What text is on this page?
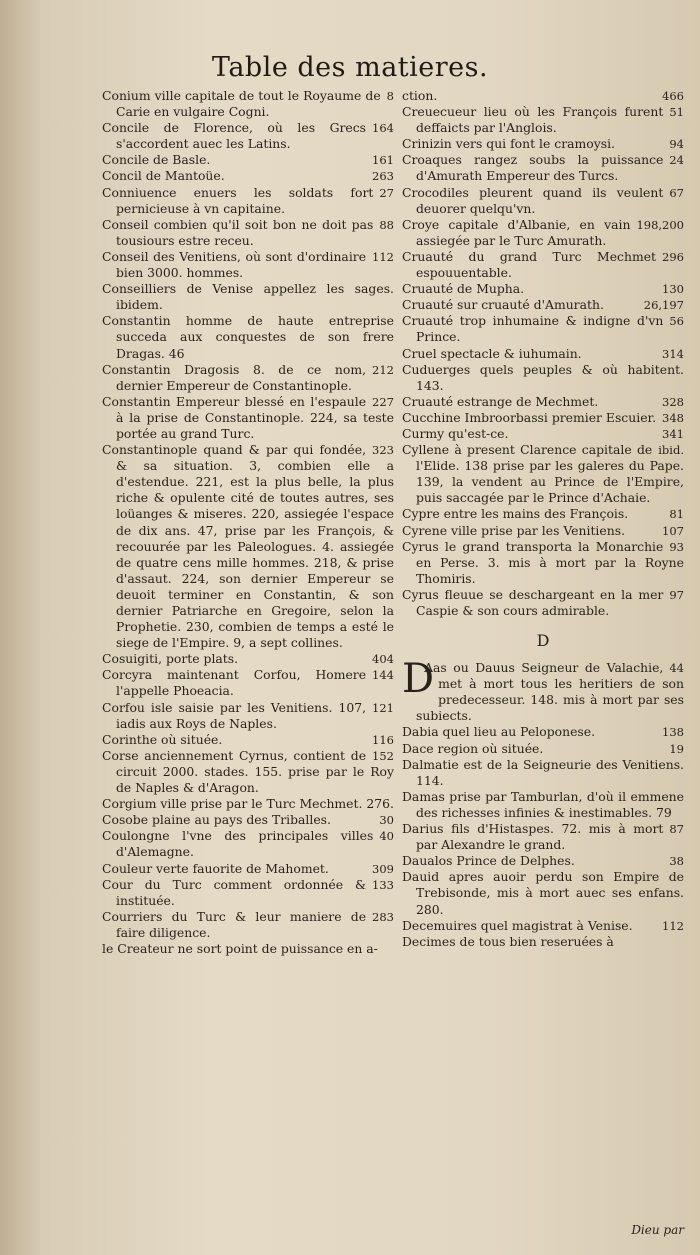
Table des matieres.
8
Conium ville capitale de tout le Royaume de Carie en vulgaire Cogni.
164
Concile de Florence, où les Grecs s'accordent auec les Latins.
161
Concile de Basle.
263
Concil de Mantoüe.
27
Conniuence enuers les soldats fort pernicieuse à vn capitaine.
88
Conseil combien qu'il soit bon ne doit pas tousiours estre receu.
112
Conseil des Venitiens, où sont d'ordinaire bien 3000. hommes.
Conseilliers de Venise appellez les sages. ibidem.
Constantin homme de haute entreprise succeda aux conquestes de son frere Dragas. 46
212
Constantin Dragosis 8. de ce nom, dernier Empereur de Constantinople.
227
Constantin Empereur blessé en l'espaule à la prise de Constantinople. 224, sa teste portée au grand Turc.
323
Constantinople quand & par qui fondée, & sa situation. 3, combien elle a d'estendue. 221, est la plus belle, la plus riche & opulente cité de toutes autres, ses loüanges & miseres. 220, assiegée l'espace de dix ans. 47, prise par les François, & recouurée par les Paleologues. 4. assiegée de quatre cens mille hommes. 218, & prise d'assaut. 224, son dernier Empereur se deuoit terminer en Constantin, & son dernier Patriarche en Gregoire, selon la Prophetie. 230, combien de temps a esté le siege de l'Empire. 9, a sept collines.
404
Cosuigiti, porte plats.
144
Corcyra maintenant Corfou, Homere l'appelle Phoeacia.
121
Corfou isle saisie par les Venitiens. 107, iadis aux Roys de Naples.
116
Corinthe où située.
152
Corse anciennement Cyrnus, contient de circuit 2000. stades. 155. prise par le Roy de Naples & d'Aragon.
Corgium ville prise par le Turc Mechmet. 276.
30
Cosobe plaine au pays des Triballes.
40
Coulongne l'vne des principales villes d'Alemagne.
309
Couleur verte fauorite de Mahomet.
133
Cour du Turc comment ordonnée & instituée.
283
Courriers du Turc & leur maniere de faire diligence.
le Createur ne sort point de puissance en a-
466
ction.
51
Creuecueur lieu où les François furent deffaicts par l'Anglois.
94
Crinizin vers qui font le cramoysi.
24
Croaques rangez soubs la puissance d'Amurath Empereur des Turcs.
67
Crocodiles pleurent quand ils veulent deuorer quelqu'vn.
198,200
Croye capitale d'Albanie, en vain assiegée par le Turc Amurath.
296
Cruauté du grand Turc Mechmet espouuentable.
130
Cruauté de Mupha.
26,197
Cruauté sur cruauté d'Amurath.
56
Cruauté trop inhumaine & indigne d'vn Prince.
314
Cruel spectacle & iuhumain.
Cuduerges quels peuples & où habitent. 143.
328
Cruauté estrange de Mechmet.
348
Cucchine Imbroorbassi premier Escuier.
341
Curmy qu'est-ce.
ibid.
Cyllene à present Clarence capitale de l'Elide. 138 prise par les galeres du Pape. 139, la vendent au Prince de l'Empire, puis saccagée par le Prince d'Achaie.
81
Cypre entre les mains des François.
107
Cyrene ville prise par les Venitiens.
93
Cyrus le grand transporta la Monarchie en Perse. 3. mis à mort par la Royne Thomiris.
97
Cyrus fleuue se deschargeant en la mer Caspie & son cours admirable.
D
D	44
Aas ou Dauus Seigneur de Valachie, met à mort tous les heritiers de son predecesseur. 148. mis à mort par ses subiects.
138
Dabia quel lieu au Peloponese.
19
Dace region où située.
Dalmatie est de la Seigneurie des Venitiens. 114.
Damas prise par Tamburlan, d'où il emmene des richesses infinies & inestimables. 79
87
Darius fils d'Histaspes. 72. mis à mort par Alexandre le grand.
38
Daualos Prince de Delphes.
Dauid apres auoir perdu son Empire de Trebisonde, mis à mort auec ses enfans. 280.
112
Decemuires quel magistrat à Venise.
Decimes de tous bien reseruées à
Dieu par
